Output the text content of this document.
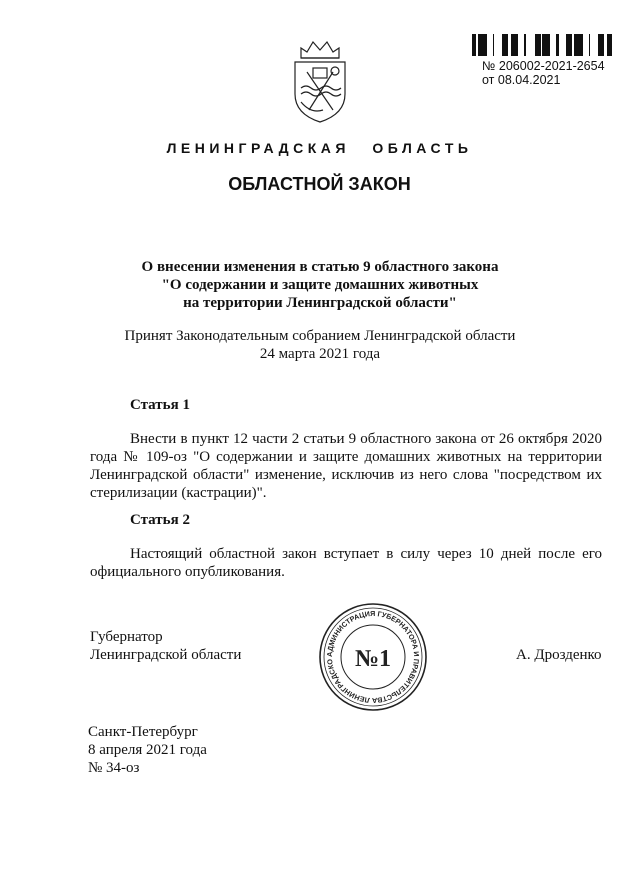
№ 206002-2021-2654
от 08.04.2021
ЛЕНИНГРАДСКАЯ ОБЛАСТЬ
ОБЛАСТНОЙ ЗАКОН
О внесении изменения в статью 9 областного закона
"О содержании и защите домашних животных
на территории Ленинградской области"
Принят Законодательным собранием Ленинградской области
24 марта 2021 года
Статья 1
Внести в пункт 12 части 2 статьи 9 областного закона от 26 октября 2020 года № 109-оз "О содержании и защите домашних животных на территории Ленинградской области" изменение, исключив из него слова "посредством их стерилизации (кастрации)".
Статья 2
Настоящий областной закон вступает в силу через 10 дней после его официального опубликования.
Губернатор
Ленинградской области	А. Дрозденко
АДМИНИСТРАЦИЯ ГУБЕРНАТОРА И ПРАВИТЕЛЬСТВА ЛЕНИНГРАДСКО №1
Санкт-Петербург
8 апреля 2021 года
№ 34-оз
